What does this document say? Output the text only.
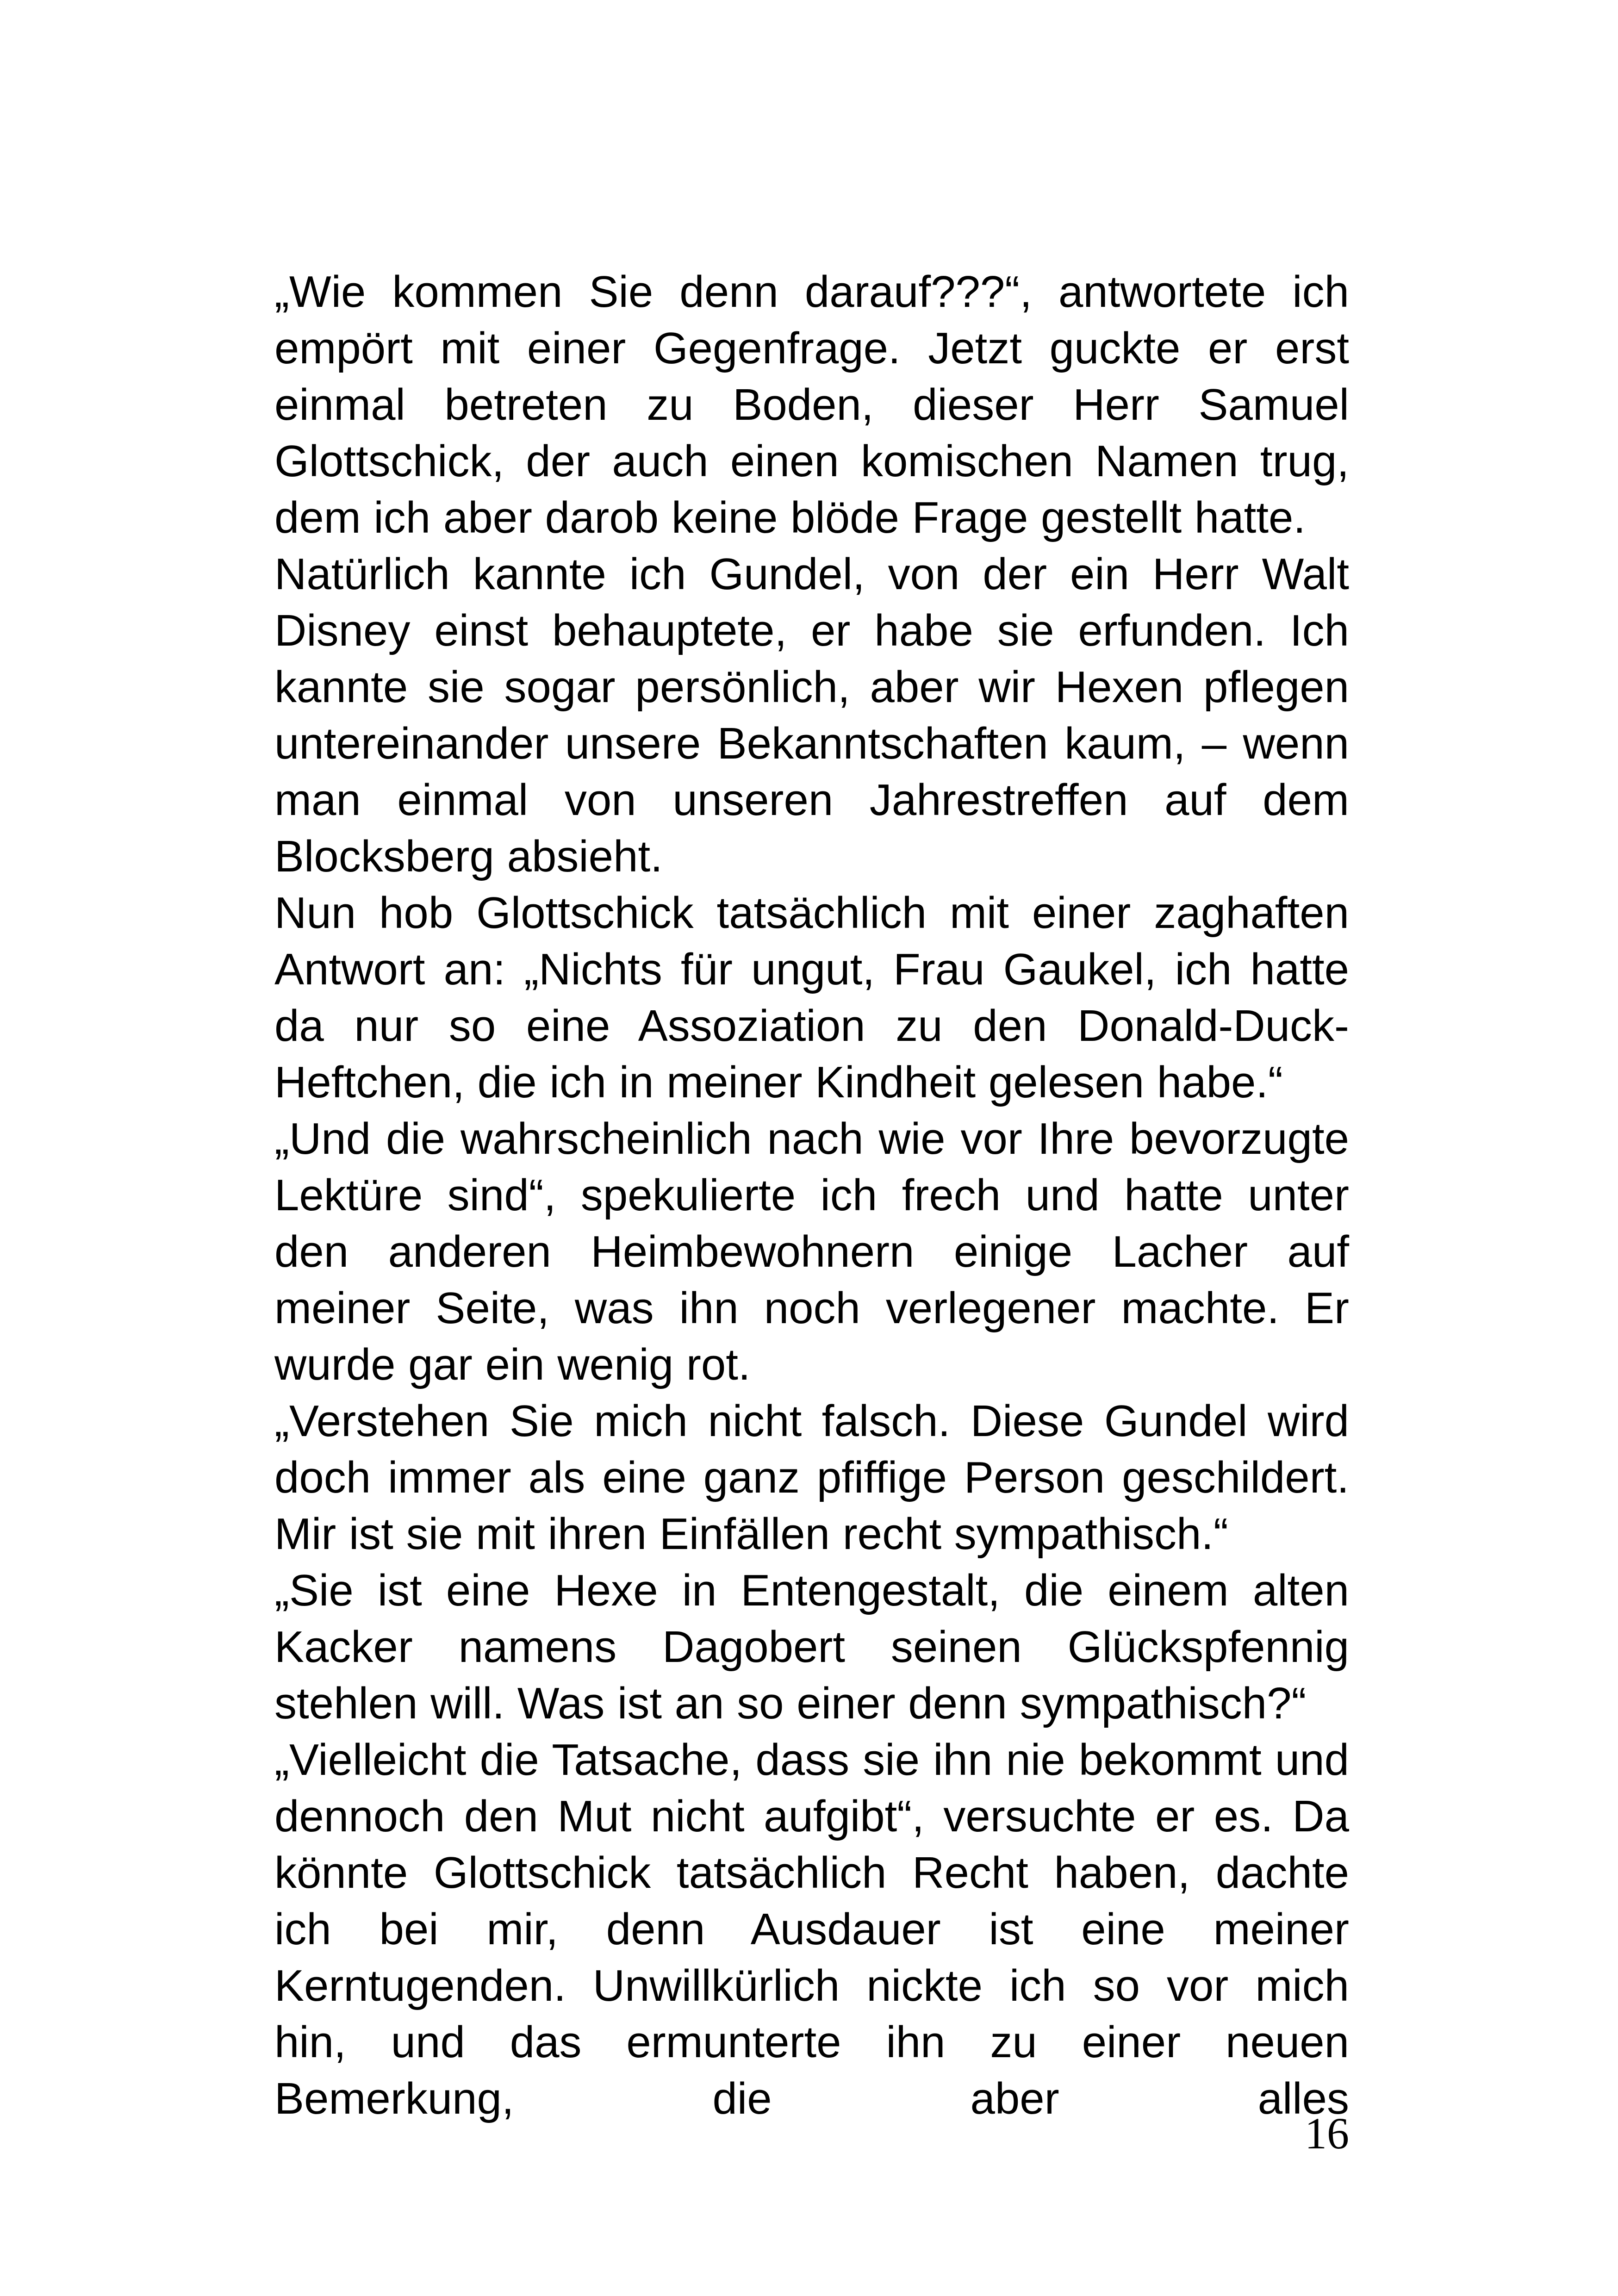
„Wie kommen Sie denn darauf???“, antwortete ich empört mit einer Gegenfrage. Jetzt guckte er erst einmal betreten zu Boden, dieser Herr Samuel Glottschick, der auch einen komischen Namen trug, dem ich aber darob keine blöde Frage gestellt hatte.

Natürlich kannte ich Gundel, von der ein Herr Walt Disney einst behauptete, er habe sie erfunden. Ich kannte sie sogar persönlich, aber wir Hexen pflegen untereinander unsere Bekanntschaften kaum, – wenn man einmal von unseren Jahrestreffen auf dem Blocksberg absieht.

Nun hob Glottschick tatsächlich mit einer zaghaften Antwort an: „Nichts für ungut, Frau Gaukel, ich hatte da nur so eine Assoziation zu den Donald-Duck-Heftchen, die ich in meiner Kindheit gelesen habe.“

„Und die wahrscheinlich nach wie vor Ihre bevorzugte Lektüre sind“, spekulierte ich frech und hatte unter den anderen Heimbewohnern einige Lacher auf meiner Seite, was ihn noch verlegener machte. Er wurde gar ein wenig rot.

„Verstehen Sie mich nicht falsch. Diese Gundel wird doch immer als eine ganz pfiffige Person geschildert. Mir ist sie mit ihren Einfällen recht sympathisch.“

„Sie ist eine Hexe in Entengestalt, die einem alten Kacker namens Dagobert seinen Glückspfennig stehlen will. Was ist an so einer denn sympathisch?“

„Vielleicht die Tatsache, dass sie ihn nie bekommt und dennoch den Mut nicht aufgibt“, versuchte er es. Da könnte Glottschick tatsächlich Recht haben, dachte ich bei mir, denn Ausdauer ist eine meiner Kerntugenden. Unwillkürlich nickte ich so vor mich hin, und das ermunterte ihn zu einer neuen Bemerkung, die aber alles

16
